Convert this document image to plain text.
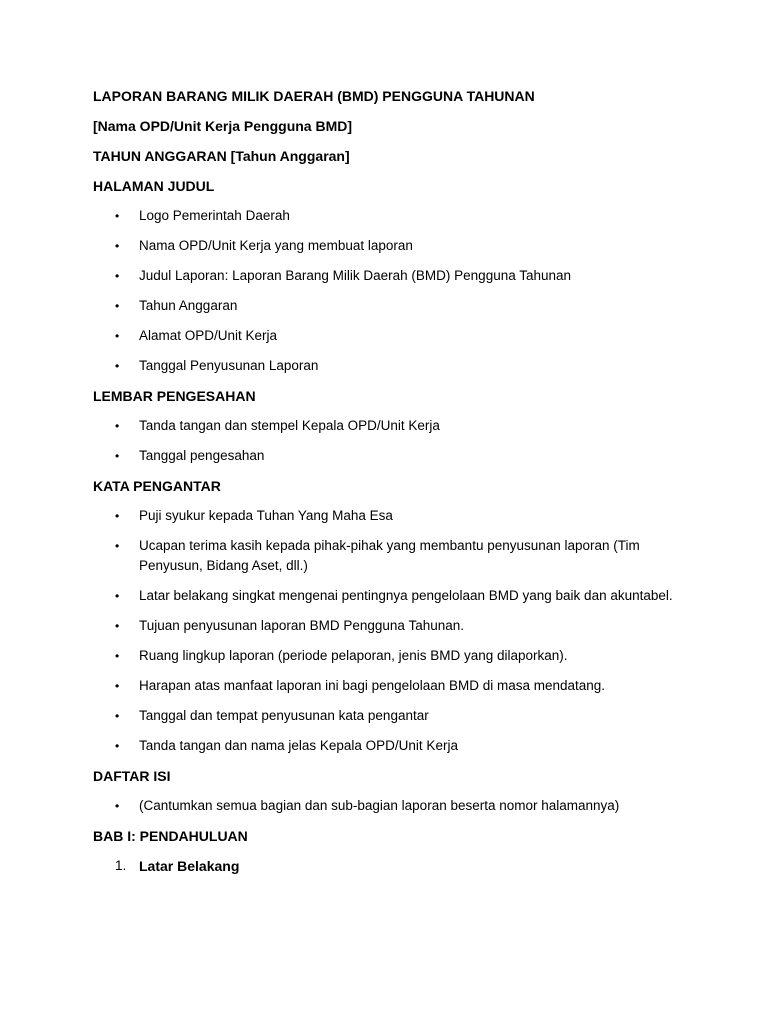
LAPORAN BARANG MILIK DAERAH (BMD) PENGGUNA TAHUNAN
[Nama OPD/Unit Kerja Pengguna BMD]
TAHUN ANGGARAN [Tahun Anggaran]
HALAMAN JUDUL
• Logo Pemerintah Daerah
• Nama OPD/Unit Kerja yang membuat laporan
• Judul Laporan: Laporan Barang Milik Daerah (BMD) Pengguna Tahunan
• Tahun Anggaran
• Alamat OPD/Unit Kerja
• Tanggal Penyusunan Laporan
LEMBAR PENGESAHAN
• Tanda tangan dan stempel Kepala OPD/Unit Kerja
• Tanggal pengesahan
KATA PENGANTAR
• Puji syukur kepada Tuhan Yang Maha Esa
• Ucapan terima kasih kepada pihak-pihak yang membantu penyusunan laporan (Tim Penyusun, Bidang Aset, dll.)
• Latar belakang singkat mengenai pentingnya pengelolaan BMD yang baik dan akuntabel.
• Tujuan penyusunan laporan BMD Pengguna Tahunan.
• Ruang lingkup laporan (periode pelaporan, jenis BMD yang dilaporkan).
• Harapan atas manfaat laporan ini bagi pengelolaan BMD di masa mendatang.
• Tanggal dan tempat penyusunan kata pengantar
• Tanda tangan dan nama jelas Kepala OPD/Unit Kerja
DAFTAR ISI
• (Cantumkan semua bagian dan sub-bagian laporan beserta nomor halamannya)
BAB I: PENDAHULUAN
1. Latar Belakang
